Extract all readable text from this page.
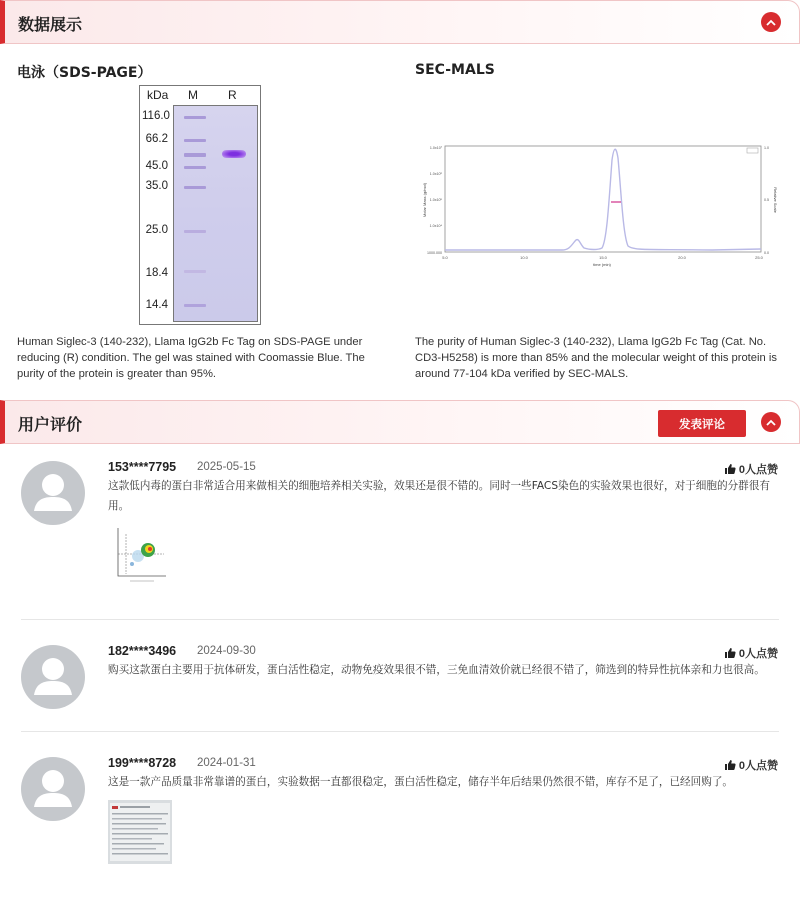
数据展示
电泳（SDS-PAGE）
kDa M	R
116.0
66.2
45.0
35.0
25.0
18.4
14.4
Human Siglec-3 (140-232), Llama IgG2b Fc Tag on SDS-PAGE under reducing (R) condition. The gel was stained with Coomassie Blue. The purity of the protein is greater than 95%.
SEC-MALS
Molar Mass (g/mol)	Relative Scale
time (min)
5.0	10.0	15.0	20.0	25.0
1000.000
1.0x10⁴
1.0x10⁵
1.0x10⁶
1.0x10⁷
0.0
0.5
1.0
The purity of Human Siglec-3 (140-232), Llama IgG2b Fc Tag (Cat. No. CD3-H5258) is more than 85% and the molecular weight of this protein is around 77-104 kDa verified by SEC-MALS.
用户评价	发表评论
153****7795 2025-05-15	0人点赞
这款低内毒的蛋白非常适合用来做相关的细胞培养相关实验，效果还是很不错的。同时一些FACS染色的实验效果也很好，对于细胞的分群很有用。
182****3496 2024-09-30	0人点赞
购买这款蛋白主要用于抗体研发，蛋白活性稳定，动物免疫效果很不错，三免血清效价就已经很不错了，筛选到的特异性抗体亲和力也很高。
199****8728 2024-01-31	0人点赞
这是一款产品质量非常靠谱的蛋白，实验数据一直都很稳定，蛋白活性稳定，储存半年后结果仍然很不错，库存不足了，已经回购了。
